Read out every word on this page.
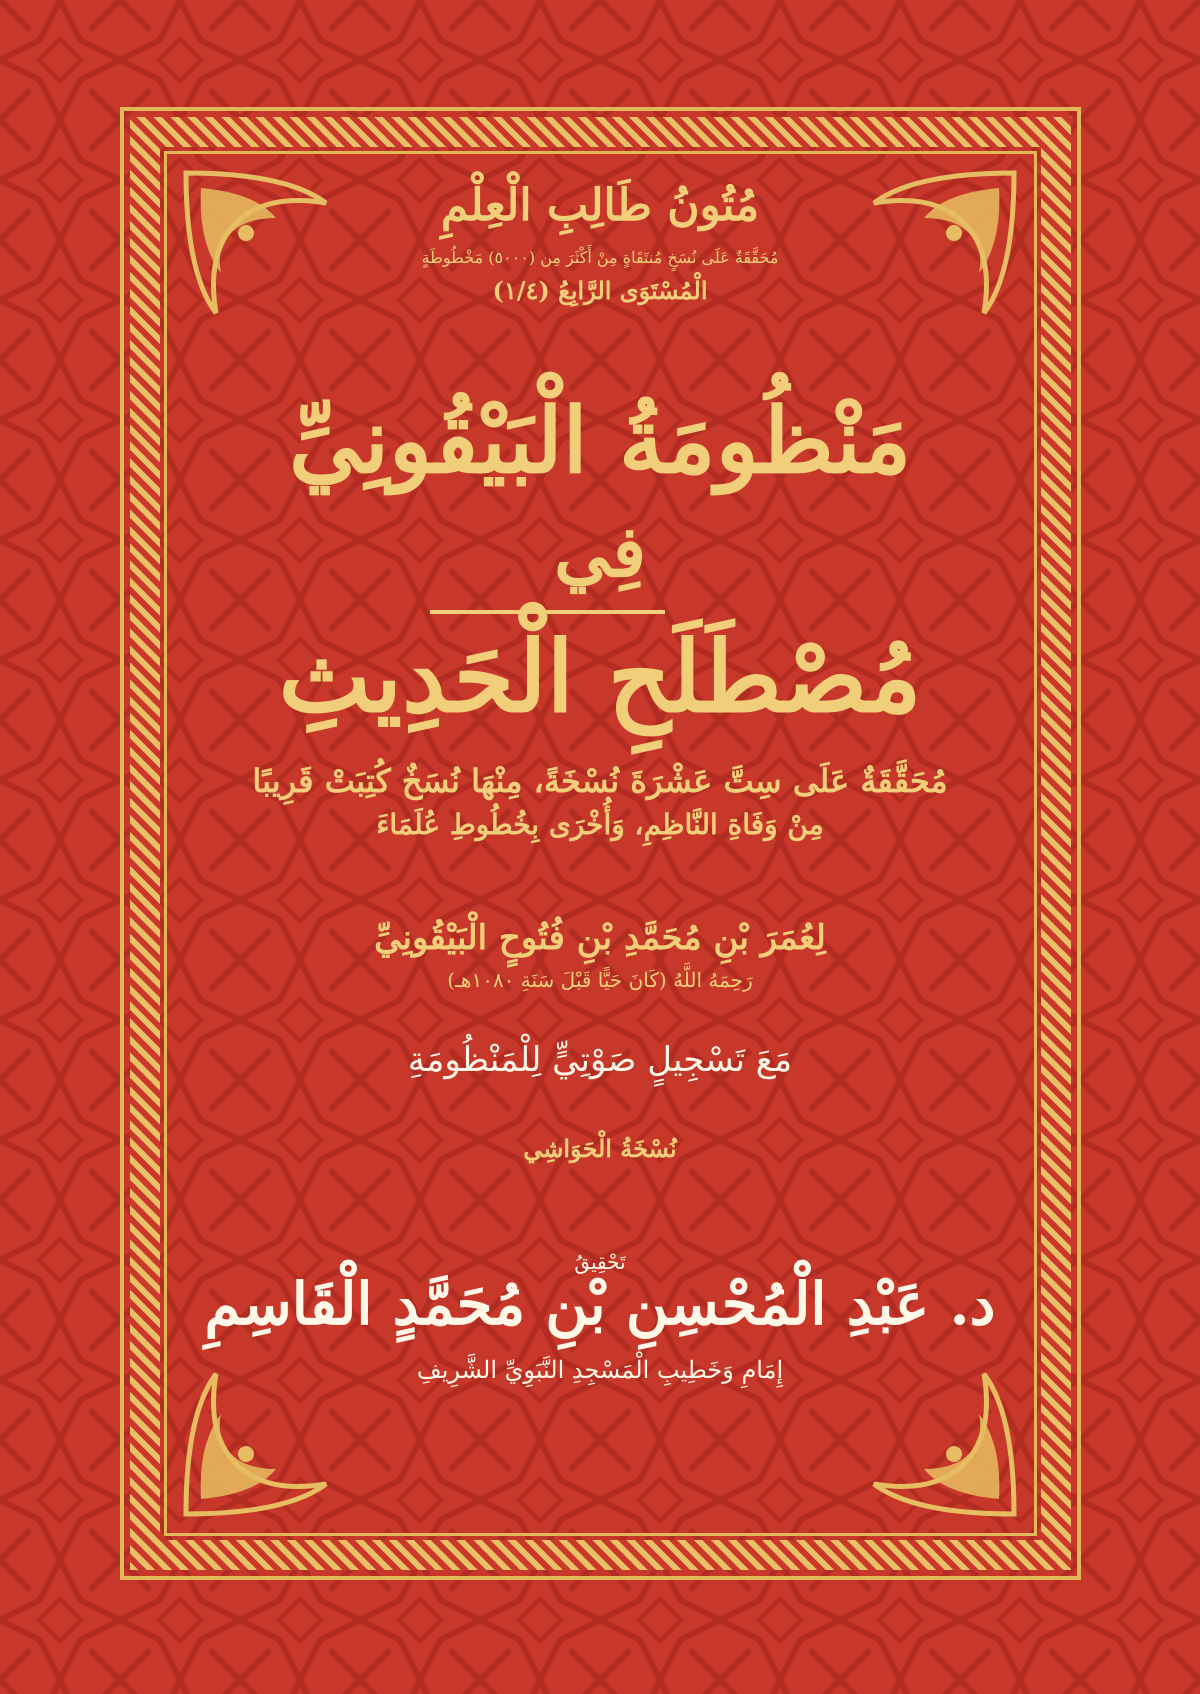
مُتُونُ طَالِبِ الْعِلْمِ
مُحَقَّقَةٌ عَلَى نُسَخٍ مُنتَقَاةٍ مِنْ أَكْثَرَ مِن (٥٠٠٠) مَخْطُوطَةٍ
الْمُسْتَوَى الرَّابِعُ (١/٤)
مَنْظُومَةُ الْبَيْقُونِيِّ
فِي
مُصْطَلَحِ الْحَدِيثِ
مُحَقَّقَةٌ عَلَى سِتَّ عَشْرَةَ نُسْخَةً، مِنْهَا نُسَخٌ كُتِبَتْ قَرِيبًا
مِنْ وَفَاةِ النَّاظِمِ، وَأُخْرَى بِخُطُوطِ عُلَمَاءَ
لِعُمَرَ بْنِ مُحَمَّدِ بْنِ فُتُوحٍ الْبَيْقُونِيِّ
رَحِمَهُ اللَّهُ (كَانَ حَيًّا قَبْلَ سَنَةِ ١٠٨٠هـ)
مَعَ تَسْجِيلٍ صَوْتِيٍّ لِلْمَنْظُومَةِ
نُسْخَةُ الْحَوَاشِي
تَحْقِيقُ
د. عَبْدِ الْمُحْسِنِ بْنِ مُحَمَّدٍ الْقَاسِمِ
إِمَامِ وَخَطِيبِ الْمَسْجِدِ النَّبَوِيِّ الشَّرِيفِ
